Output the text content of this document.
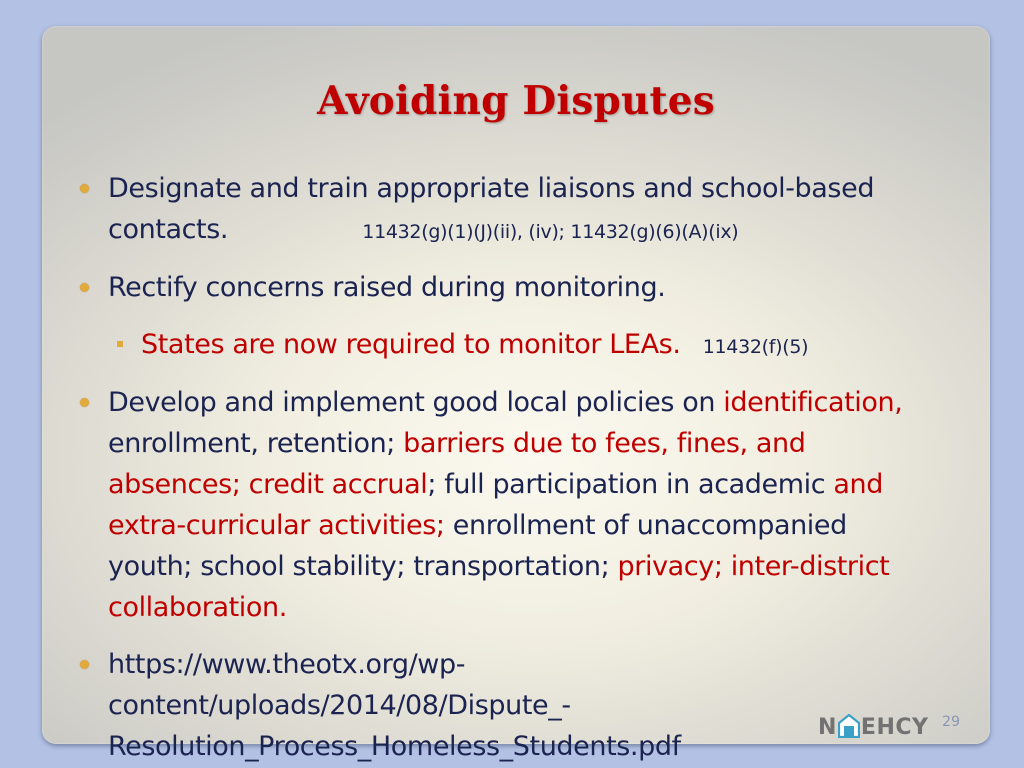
Avoiding Disputes
Designate and train appropriate liaisons and school-based
contacts.	11432(g)(1)(J)(ii), (iv); 11432(g)(6)(A)(ix)
Rectify concerns raised during monitoring.
States are now required to monitor LEAs. 11432(f)(5)
Develop and implement good local policies on identification,
enrollment, retention; barriers due to fees, fines, and
absences; credit accrual; full participation in academic and
extra-curricular activities; enrollment of unaccompanied
youth; school stability; transportation; privacy; inter-district
collaboration.
https://www.theotx.org/wp-
content/uploads/2014/08/Dispute_-
Resolution_Process_Homeless_Students.pdf
N EHCY 29
